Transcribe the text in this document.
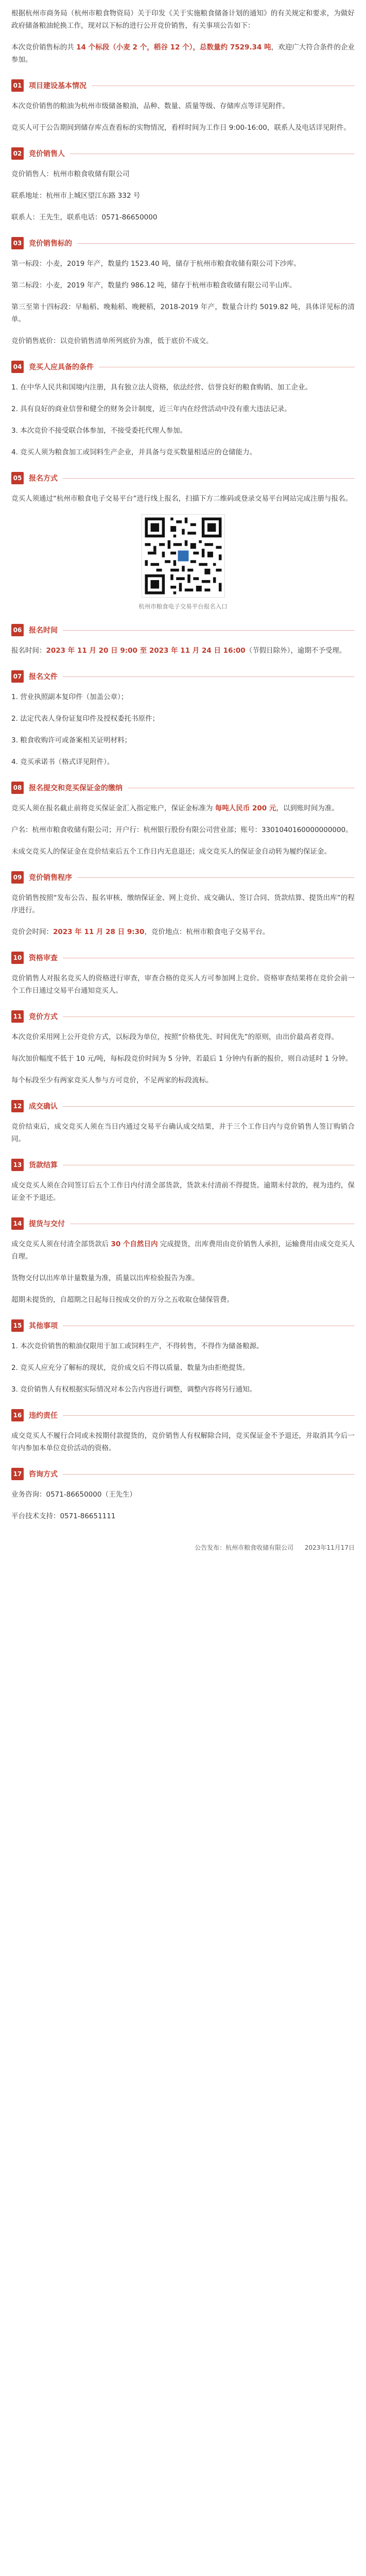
根据杭州市商务局（杭州市粮食物资局）关于印发《关于实施粮食储备计划的通知》的有关规定和要求，为做好政府储备粮油轮换工作，现对以下标的进行公开竞价销售，有关事项公告如下：

本次竞价销售标的共 14 个标段（小麦 2 个，稻谷 12 个），总数量约 7529.34 吨，欢迎广大符合条件的企业参加。

01 项目建设基本情况

本次竞价销售的粮油为杭州市级储备粮油，品种、数量、质量等级、存储库点等详见附件。

竞买人可于公告期间到储存库点查看标的实物情况，看样时间为工作日 9:00-16:00，联系人及电话详见附件。

02 竞价销售人

竞价销售人：杭州市粮食收储有限公司

联系地址：杭州市上城区望江东路 332 号

联系人：王先生，联系电话：0571-86650000

03 竞价销售标的

第一标段：小麦，2019 年产，数量约 1523.40 吨，储存于杭州市粮食收储有限公司下沙库。

第二标段：小麦，2019 年产，数量约 986.12 吨，储存于杭州市粮食收储有限公司半山库。

第三至第十四标段：早籼稻、晚籼稻、晚粳稻，2018-2019 年产，数量合计约 5019.82 吨，具体详见标的清单。

竞价销售底价：以竞价销售清单所列底价为准，低于底价不成交。

04 竞买人应具备的条件

1. 在中华人民共和国境内注册，具有独立法人资格，依法经营、信誉良好的粮食购销、加工企业。

2. 具有良好的商业信誉和健全的财务会计制度，近三年内在经营活动中没有重大违法记录。

3. 本次竞价不接受联合体参加，不接受委托代理人参加。

4. 竞买人须为粮食加工或饲料生产企业，并具备与竞买数量相适应的仓储能力。

05 报名方式

竞买人须通过“杭州市粮食电子交易平台”进行线上报名，扫描下方二维码或登录交易平台网站完成注册与报名。

杭州市粮食电子交易平台报名入口
06 报名时间

报名时间：2023 年 11 月 20 日 9:00 至 2023 年 11 月 24 日 16:00（节假日除外），逾期不予受理。

07 报名文件

1. 营业执照副本复印件（加盖公章）；

2. 法定代表人身份证复印件及授权委托书原件；

3. 粮食收购许可或备案相关证明材料；

4. 竞买承诺书（格式详见附件）。

08 报名提交和竞买保证金的缴纳

竞买人须在报名截止前将竞买保证金汇入指定账户，保证金标准为 每吨人民币 200 元，以到账时间为准。

户名：杭州市粮食收储有限公司；开户行：杭州银行股份有限公司营业部；账号：3301040160000000000。

未成交竞买人的保证金在竞价结束后五个工作日内无息退还；成交竞买人的保证金自动转为履约保证金。

09 竞价销售程序

竞价销售按照“发布公告、报名审核、缴纳保证金、网上竞价、成交确认、签订合同、货款结算、提货出库”的程序进行。

竞价会时间：2023 年 11 月 28 日 9:30，竞价地点：杭州市粮食电子交易平台。

10 资格审查

竞价销售人对报名竞买人的资格进行审查，审查合格的竞买人方可参加网上竞价。资格审查结果将在竞价会前一个工作日通过交易平台通知竞买人。

11 竞价方式

本次竞价采用网上公开竞价方式，以标段为单位，按照“价格优先、时间优先”的原则，由出价最高者竞得。

每次加价幅度不低于 10 元/吨，每标段竞价时间为 5 分钟，若最后 1 分钟内有新的报价，则自动延时 1 分钟。

每个标段至少有两家竞买人参与方可竞价，不足两家的标段流标。

12 成交确认

竞价结束后，成交竞买人须在当日内通过交易平台确认成交结果，并于三个工作日内与竞价销售人签订购销合同。

13 货款结算

成交竞买人须在合同签订后五个工作日内付清全部货款，货款未付清前不得提货。逾期未付款的，视为违约，保证金不予退还。

14 提货与交付

成交竞买人须在付清全部货款后 30 个自然日内 完成提货，出库费用由竞价销售人承担，运输费用由成交竞买人自理。

货物交付以出库单计量数量为准，质量以出库检验报告为准。

超期未提货的，自超期之日起每日按成交价的万分之五收取仓储保管费。

15 其他事项

1. 本次竞价销售的粮油仅限用于加工或饲料生产，不得转售，不得作为储备粮源。

2. 竞买人应充分了解标的现状，竞价成交后不得以质量、数量为由拒绝提货。

3. 竞价销售人有权根据实际情况对本公告内容进行调整，调整内容将另行通知。

16 违约责任

成交竞买人不履行合同或未按期付款提货的，竞价销售人有权解除合同，竞买保证金不予退还，并取消其今后一年内参加本单位竞价活动的资格。

17 咨询方式

业务咨询：0571-86650000（王先生）

平台技术支持：0571-86651111

公告发布：杭州市粮食收储有限公司 2023年11月17日
